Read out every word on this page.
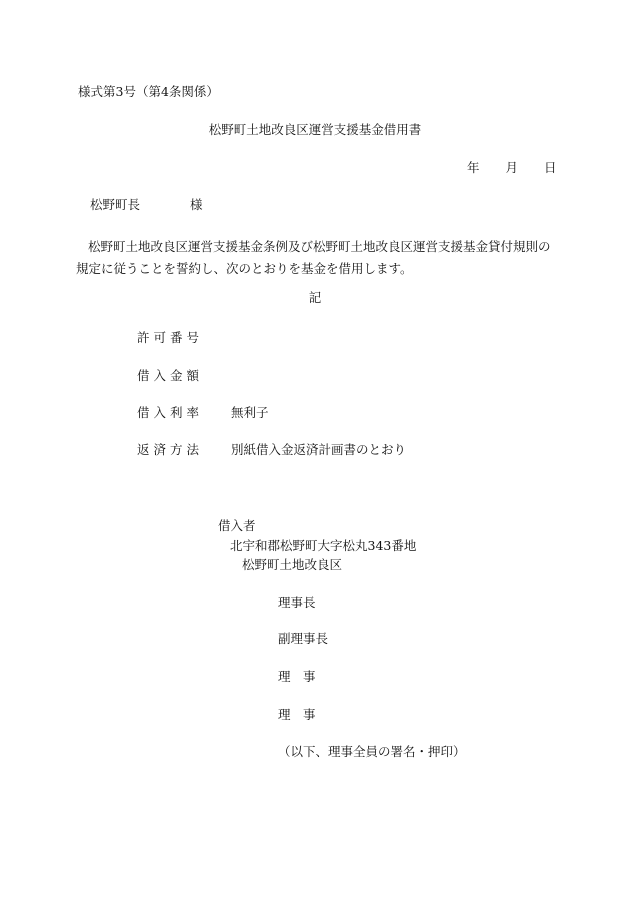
様式第3号（第4条関係）
松野町土地改良区運営支援基金借用書
年 月 日
松野町長	様
松野町土地改良区運営支援基金条例及び松野町土地改良区運営支援基金貸付規則の規定に従うことを誓約し、次のとおりを基金を借用します。
記
許可番号
借入金額
借入利率 無利子
返済方法 別紙借入金返済計画書のとおり
借入者
北宇和郡松野町大字松丸343番地
松野町土地改良区
理事長
副理事長
理　事
理　事
（以下、理事全員の署名・押印）
